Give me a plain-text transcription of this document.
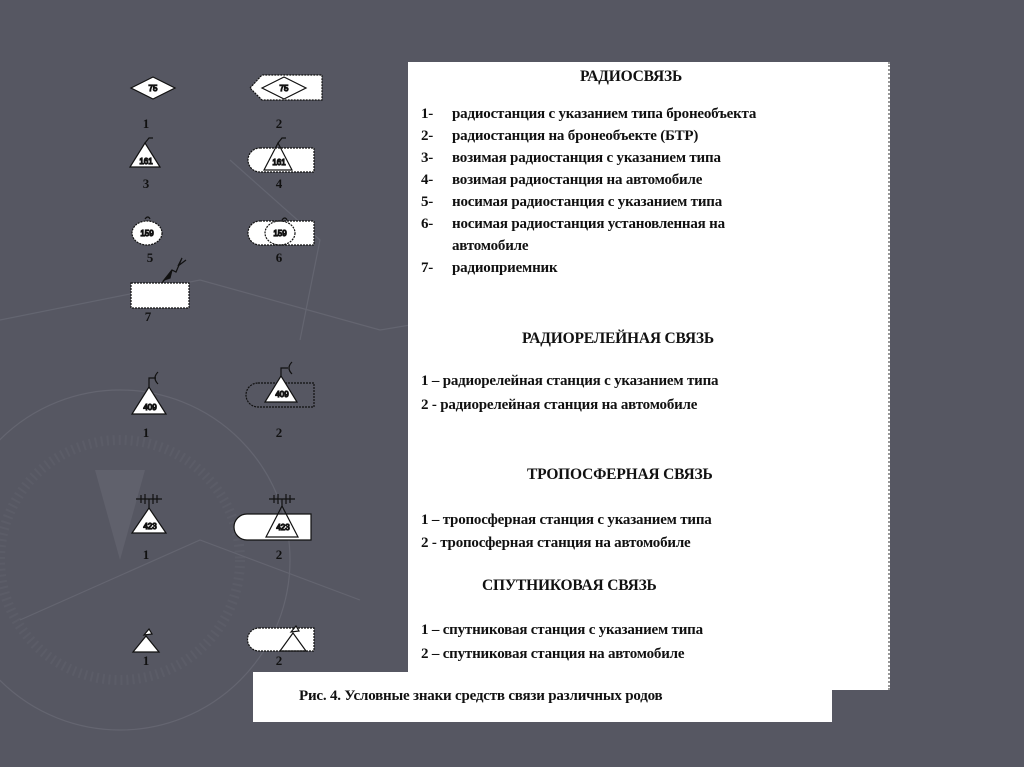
РАДИОСВЯЗЬ
1- радиостанция с указанием типа бронеобъекта
2- радиостанция на бронеобъекте (БТР)
3- возимая радиостанция с указанием типа
4- возимая радиостанция на автомобиле
5- носимая радиостанция с указанием типа
6- носимая радиостанция установленная на
автомобиле
7- радиоприемник
РАДИОРЕЛЕЙНАЯ СВЯЗЬ
1 – радиорелейная станция с указанием типа
2 - радиорелейная станция на автомобиле
ТРОПОСФЕРНАЯ СВЯЗЬ
1 – тропосферная станция с указанием типа
2 - тропосферная станция на автомобиле
СПУТНИКОВАЯ СВЯЗЬ
1 – спутниковая станция с указанием типа
2 – спутниковая станция на автомобиле
Рис. 4. Условные знаки средств связи различных родов
75	75
161	161
159	159
409
409
423	423
1	2
3	4
5	6
7
1	2
1	2
1	2
